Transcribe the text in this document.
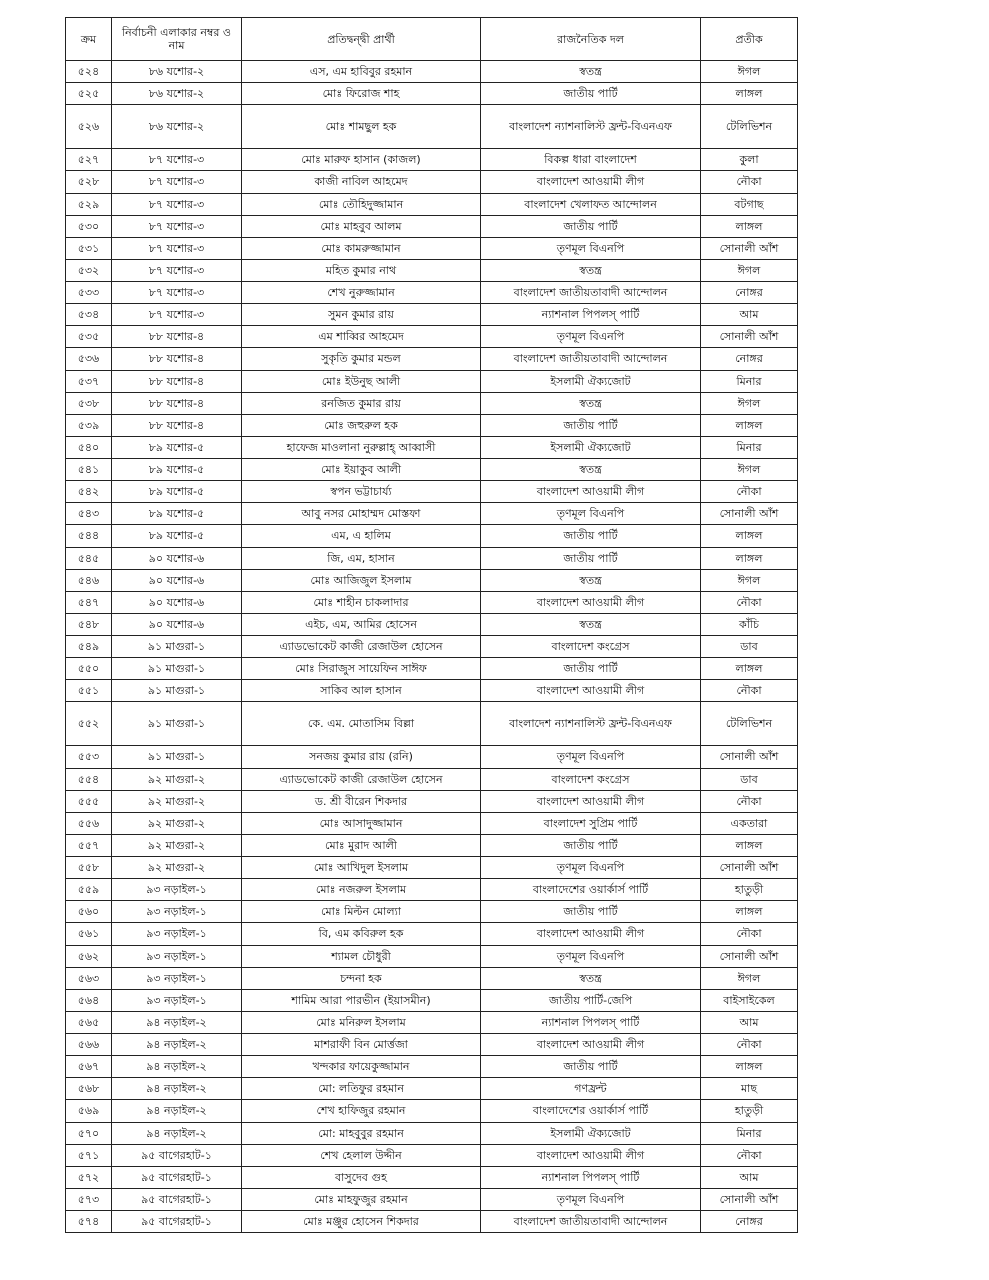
ক্রম	নির্বাচনী এলাকার নম্বর ও নাম	প্রতিদ্বন্দ্বী প্রার্থী	রাজনৈতিক দল	প্রতীক
৫২৪	৮৬ যশোর-২	এস, এম হাবিবুর রহমান	স্বতন্ত্র	ঈগল
৫২৫	৮৬ যশোর-২	মোঃ ফিরোজ শাহ	জাতীয় পার্টি	লাঙ্গল
৫২৬	৮৬ যশোর-২	মোঃ শামছুল হক	বাংলাদেশ ন্যাশনালিস্ট ফ্রন্ট-বিএনএফ	টেলিভিশন
৫২৭	৮৭ যশোর-৩	মোঃ মারুফ হাসান (কাজল)	বিকল্প ধারা বাংলাদেশ	কুলা
৫২৮	৮৭ যশোর-৩	কাজী নাবিল আহমেদ	বাংলাদেশ আওয়ামী লীগ	নৌকা
৫২৯	৮৭ যশোর-৩	মোঃ তৌহিদুজ্জামান	বাংলাদেশ খেলাফত আন্দোলন	বটগাছ
৫৩০	৮৭ যশোর-৩	মোঃ মাহবুব আলম	জাতীয় পার্টি	লাঙ্গল
৫৩১	৮৭ যশোর-৩	মোঃ কামরুজ্জামান	তৃণমূল বিএনপি	সোনালী আঁশ
৫৩২	৮৭ যশোর-৩	মহিত কুমার নাথ	স্বতন্ত্র	ঈগল
৫৩৩	৮৭ যশোর-৩	শেখ নুরুজ্জামান	বাংলাদেশ জাতীয়তাবাদী আন্দোলন	নোঙ্গর
৫৩৪	৮৭ যশোর-৩	সুমন কুমার রায়	ন্যাশনাল পিপলস্ পার্টি	আম
৫৩৫	৮৮ যশোর-৪	এম শাব্বির আহমেদ	তৃণমূল বিএনপি	সোনালী আঁশ
৫৩৬	৮৮ যশোর-৪	সুকৃতি কুমার মন্ডল	বাংলাদেশ জাতীয়তাবাদী আন্দোলন	নোঙ্গর
৫৩৭	৮৮ যশোর-৪	মোঃ ইউনুছ আলী	ইসলামী ঐক্যজোট	মিনার
৫৩৮	৮৮ যশোর-৪	রনজিত কুমার রায়	স্বতন্ত্র	ঈগল
৫৩৯	৮৮ যশোর-৪	মোঃ জহুরুল হক	জাতীয় পার্টি	লাঙ্গল
৫৪০	৮৯ যশোর-৫	হাফেজ মাওলানা নুরুল্লাহ্ আব্বাসী	ইসলামী ঐক্যজোট	মিনার
৫৪১	৮৯ যশোর-৫	মোঃ ইয়াকুব আলী	স্বতন্ত্র	ঈগল
৫৪২	৮৯ যশোর-৫	স্বপন ভট্টাচার্য্য	বাংলাদেশ আওয়ামী লীগ	নৌকা
৫৪৩	৮৯ যশোর-৫	আবু নসর মোহাম্মদ মোস্তফা	তৃণমূল বিএনপি	সোনালী আঁশ
৫৪৪	৮৯ যশোর-৫	এম, এ হালিম	জাতীয় পার্টি	লাঙ্গল
৫৪৫	৯০ যশোর-৬	জি, এম, হাসান	জাতীয় পার্টি	লাঙ্গল
৫৪৬	৯০ যশোর-৬	মোঃ আজিজুল ইসলাম	স্বতন্ত্র	ঈগল
৫৪৭	৯০ যশোর-৬	মোঃ শাহীন চাকলাদার	বাংলাদেশ আওয়ামী লীগ	নৌকা
৫৪৮	৯০ যশোর-৬	এইচ, এম, আমির হোসেন	স্বতন্ত্র	কাঁচি
৫৪৯	৯১ মাগুরা-১	এ্যাডভোকেট কাজী রেজাউল হোসেন	বাংলাদেশ কংগ্রেস	ডাব
৫৫০	৯১ মাগুরা-১	মোঃ সিরাজুস সায়েফিন সাঈফ	জাতীয় পার্টি	লাঙ্গল
৫৫১	৯১ মাগুরা-১	সাকিব আল হাসান	বাংলাদেশ আওয়ামী লীগ	নৌকা
৫৫২	৯১ মাগুরা-১	কে. এম. মোতাসিম বিল্লা	বাংলাদেশ ন্যাশনালিস্ট ফ্রন্ট-বিএনএফ	টেলিভিশন
৫৫৩	৯১ মাগুরা-১	সনজয় কুমার রায় (রনি)	তৃণমূল বিএনপি	সোনালী আঁশ
৫৫৪	৯২ মাগুরা-২	এ্যাডভোকেট কাজী রেজাউল হোসেন	বাংলাদেশ কংগ্রেস	ডাব
৫৫৫	৯২ মাগুরা-২	ড. শ্রী বীরেন শিকদার	বাংলাদেশ আওয়ামী লীগ	নৌকা
৫৫৬	৯২ মাগুরা-২	মোঃ আসাদুজ্জামান	বাংলাদেশ সুপ্রিম পার্টি	একতারা
৫৫৭	৯২ মাগুরা-২	মোঃ মুরাদ আলী	জাতীয় পার্টি	লাঙ্গল
৫৫৮	৯২ মাগুরা-২	মোঃ আখিদুল ইসলাম	তৃণমূল বিএনপি	সোনালী আঁশ
৫৫৯	৯৩ নড়াইল-১	মোঃ নজরুল ইসলাম	বাংলাদেশের ওয়ার্কার্স পার্টি	হাতুড়ী
৫৬০	৯৩ নড়াইল-১	মোঃ মিল্টন মোল্যা	জাতীয় পার্টি	লাঙ্গল
৫৬১	৯৩ নড়াইল-১	বি, এম কবিরুল হক	বাংলাদেশ আওয়ামী লীগ	নৌকা
৫৬২	৯৩ নড়াইল-১	শ্যামল চৌধুরী	তৃণমূল বিএনপি	সোনালী আঁশ
৫৬৩	৯৩ নড়াইল-১	চন্দনা হক	স্বতন্ত্র	ঈগল
৫৬৪	৯৩ নড়াইল-১	শামিম আরা পারভীন (ইয়াসমীন)	জাতীয় পার্টি-জেপি	বাইসাইকেল
৫৬৫	৯৪ নড়াইল-২	মোঃ মনিরুল ইসলাম	ন্যাশনাল পিপলস্ পার্টি	আম
৫৬৬	৯৪ নড়াইল-২	মাশরাফী বিন মোর্ত্তজা	বাংলাদেশ আওয়ামী লীগ	নৌকা
৫৬৭	৯৪ নড়াইল-২	খন্দকার ফায়েকুজ্জামান	জাতীয় পার্টি	লাঙ্গল
৫৬৮	৯৪ নড়াইল-২	মো: লতিফুর রহমান	গণফ্রন্ট	মাছ
৫৬৯	৯৪ নড়াইল-২	শেখ হাফিজুর রহমান	বাংলাদেশের ওয়ার্কার্স পার্টি	হাতুড়ী
৫৭০	৯৪ নড়াইল-২	মো: মাহবুবুর রহমান	ইসলামী ঐক্যজোট	মিনার
৫৭১	৯৫ বাগেরহাট-১	শেখ হেলাল উদ্দীন	বাংলাদেশ আওয়ামী লীগ	নৌকা
৫৭২	৯৫ বাগেরহাট-১	বাসুদেব গুহ	ন্যাশনাল পিপলস্ পার্টি	আম
৫৭৩	৯৫ বাগেরহাট-১	মোঃ মাহফুজুর রহমান	তৃণমূল বিএনপি	সোনালী আঁশ
৫৭৪	৯৫ বাগেরহাট-১	মোঃ মঞ্জুর হোসেন শিকদার	বাংলাদেশ জাতীয়তাবাদী আন্দোলন	নোঙ্গর
